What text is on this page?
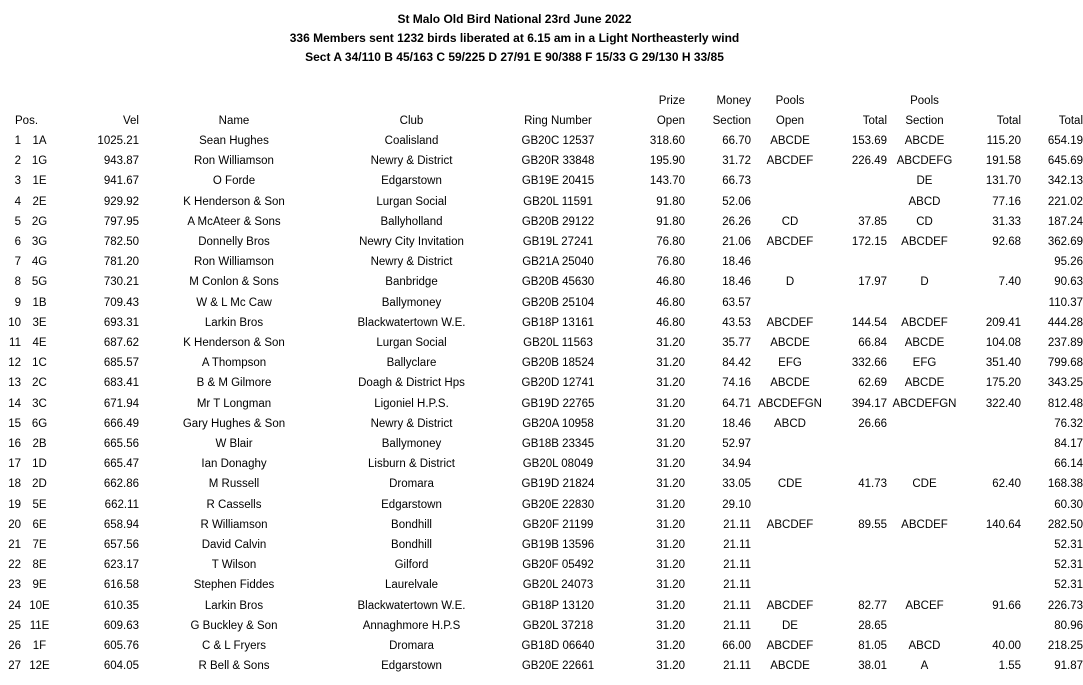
St Malo Old Bird National 23rd June 2022
336 Members sent 1232 birds liberated at 6.15 am in a Light Northeasterly wind
Sect A 34/110 B 45/163 C 59/225 D 27/91 E 90/388 F 15/33 G 29/130 H 33/85
						Prize	Money	Pools		Pools		
Pos.		Vel	Name	Club	Ring Number	Open	Section	Open	Total	Section	Total	Total
1	1A	1025.21	Sean Hughes	Coalisland	GB20C 12537	318.60	66.70	ABCDE	153.69	ABCDE	115.20	654.19
2	1G	943.87	Ron Williamson	Newry & District	GB20R 33848	195.90	31.72	ABCDEF	226.49	ABCDEFG	191.58	645.69
3	1E	941.67	O Forde	Edgarstown	GB19E 20415	143.70	66.73			DE	131.70	342.13
4	2E	929.92	K Henderson & Son	Lurgan Social	GB20L 11591	91.80	52.06			ABCD	77.16	221.02
5	2G	797.95	A McAteer & Sons	Ballyholland	GB20B 29122	91.80	26.26	CD	37.85	CD	31.33	187.24
6	3G	782.50	Donnelly Bros	Newry City Invitation	GB19L 27241	76.80	21.06	ABCDEF	172.15	ABCDEF	92.68	362.69
7	4G	781.20	Ron Williamson	Newry & District	GB21A 25040	76.80	18.46					95.26
8	5G	730.21	M Conlon & Sons	Banbridge	GB20B 45630	46.80	18.46	D	17.97	D	7.40	90.63
9	1B	709.43	W & L Mc Caw	Ballymoney	GB20B 25104	46.80	63.57					110.37
10	3E	693.31	Larkin Bros	Blackwatertown W.E.	GB18P 13161	46.80	43.53	ABCDEF	144.54	ABCDEF	209.41	444.28
11	4E	687.62	K Henderson & Son	Lurgan Social	GB20L 11563	31.20	35.77	ABCDE	66.84	ABCDE	104.08	237.89
12	1C	685.57	A Thompson	Ballyclare	GB20B 18524	31.20	84.42	EFG	332.66	EFG	351.40	799.68
13	2C	683.41	B & M Gilmore	Doagh & District Hps	GB20D 12741	31.20	74.16	ABCDE	62.69	ABCDE	175.20	343.25
14	3C	671.94	Mr T Longman	Ligoniel H.P.S.	GB19D 22765	31.20	64.71	ABCDEFGN	394.17	ABCDEFGN	322.40	812.48
15	6G	666.49	Gary Hughes & Son	Newry & District	GB20A 10958	31.20	18.46	ABCD	26.66			76.32
16	2B	665.56	W Blair	Ballymoney	GB18B 23345	31.20	52.97					84.17
17	1D	665.47	Ian Donaghy	Lisburn & District	GB20L 08049	31.20	34.94					66.14
18	2D	662.86	M Russell	Dromara	GB19D 21824	31.20	33.05	CDE	41.73	CDE	62.40	168.38
19	5E	662.11	R Cassells	Edgarstown	GB20E 22830	31.20	29.10					60.30
20	6E	658.94	R Williamson	Bondhill	GB20F 21199	31.20	21.11	ABCDEF	89.55	ABCDEF	140.64	282.50
21	7E	657.56	David Calvin	Bondhill	GB19B 13596	31.20	21.11					52.31
22	8E	623.17	T Wilson	Gilford	GB20F 05492	31.20	21.11					52.31
23	9E	616.58	Stephen Fiddes	Laurelvale	GB20L 24073	31.20	21.11					52.31
24	10E	610.35	Larkin Bros	Blackwatertown W.E.	GB18P 13120	31.20	21.11	ABCDEF	82.77	ABCEF	91.66	226.73
25	11E	609.63	G Buckley & Son	Annaghmore H.P.S	GB20L 37218	31.20	21.11	DE	28.65			80.96
26	1F	605.76	C & L Fryers	Dromara	GB18D 06640	31.20	66.00	ABCDEF	81.05	ABCD	40.00	218.25
27	12E	604.05	R Bell & Sons	Edgarstown	GB20E 22661	31.20	21.11	ABCDE	38.01	A	1.55	91.87
